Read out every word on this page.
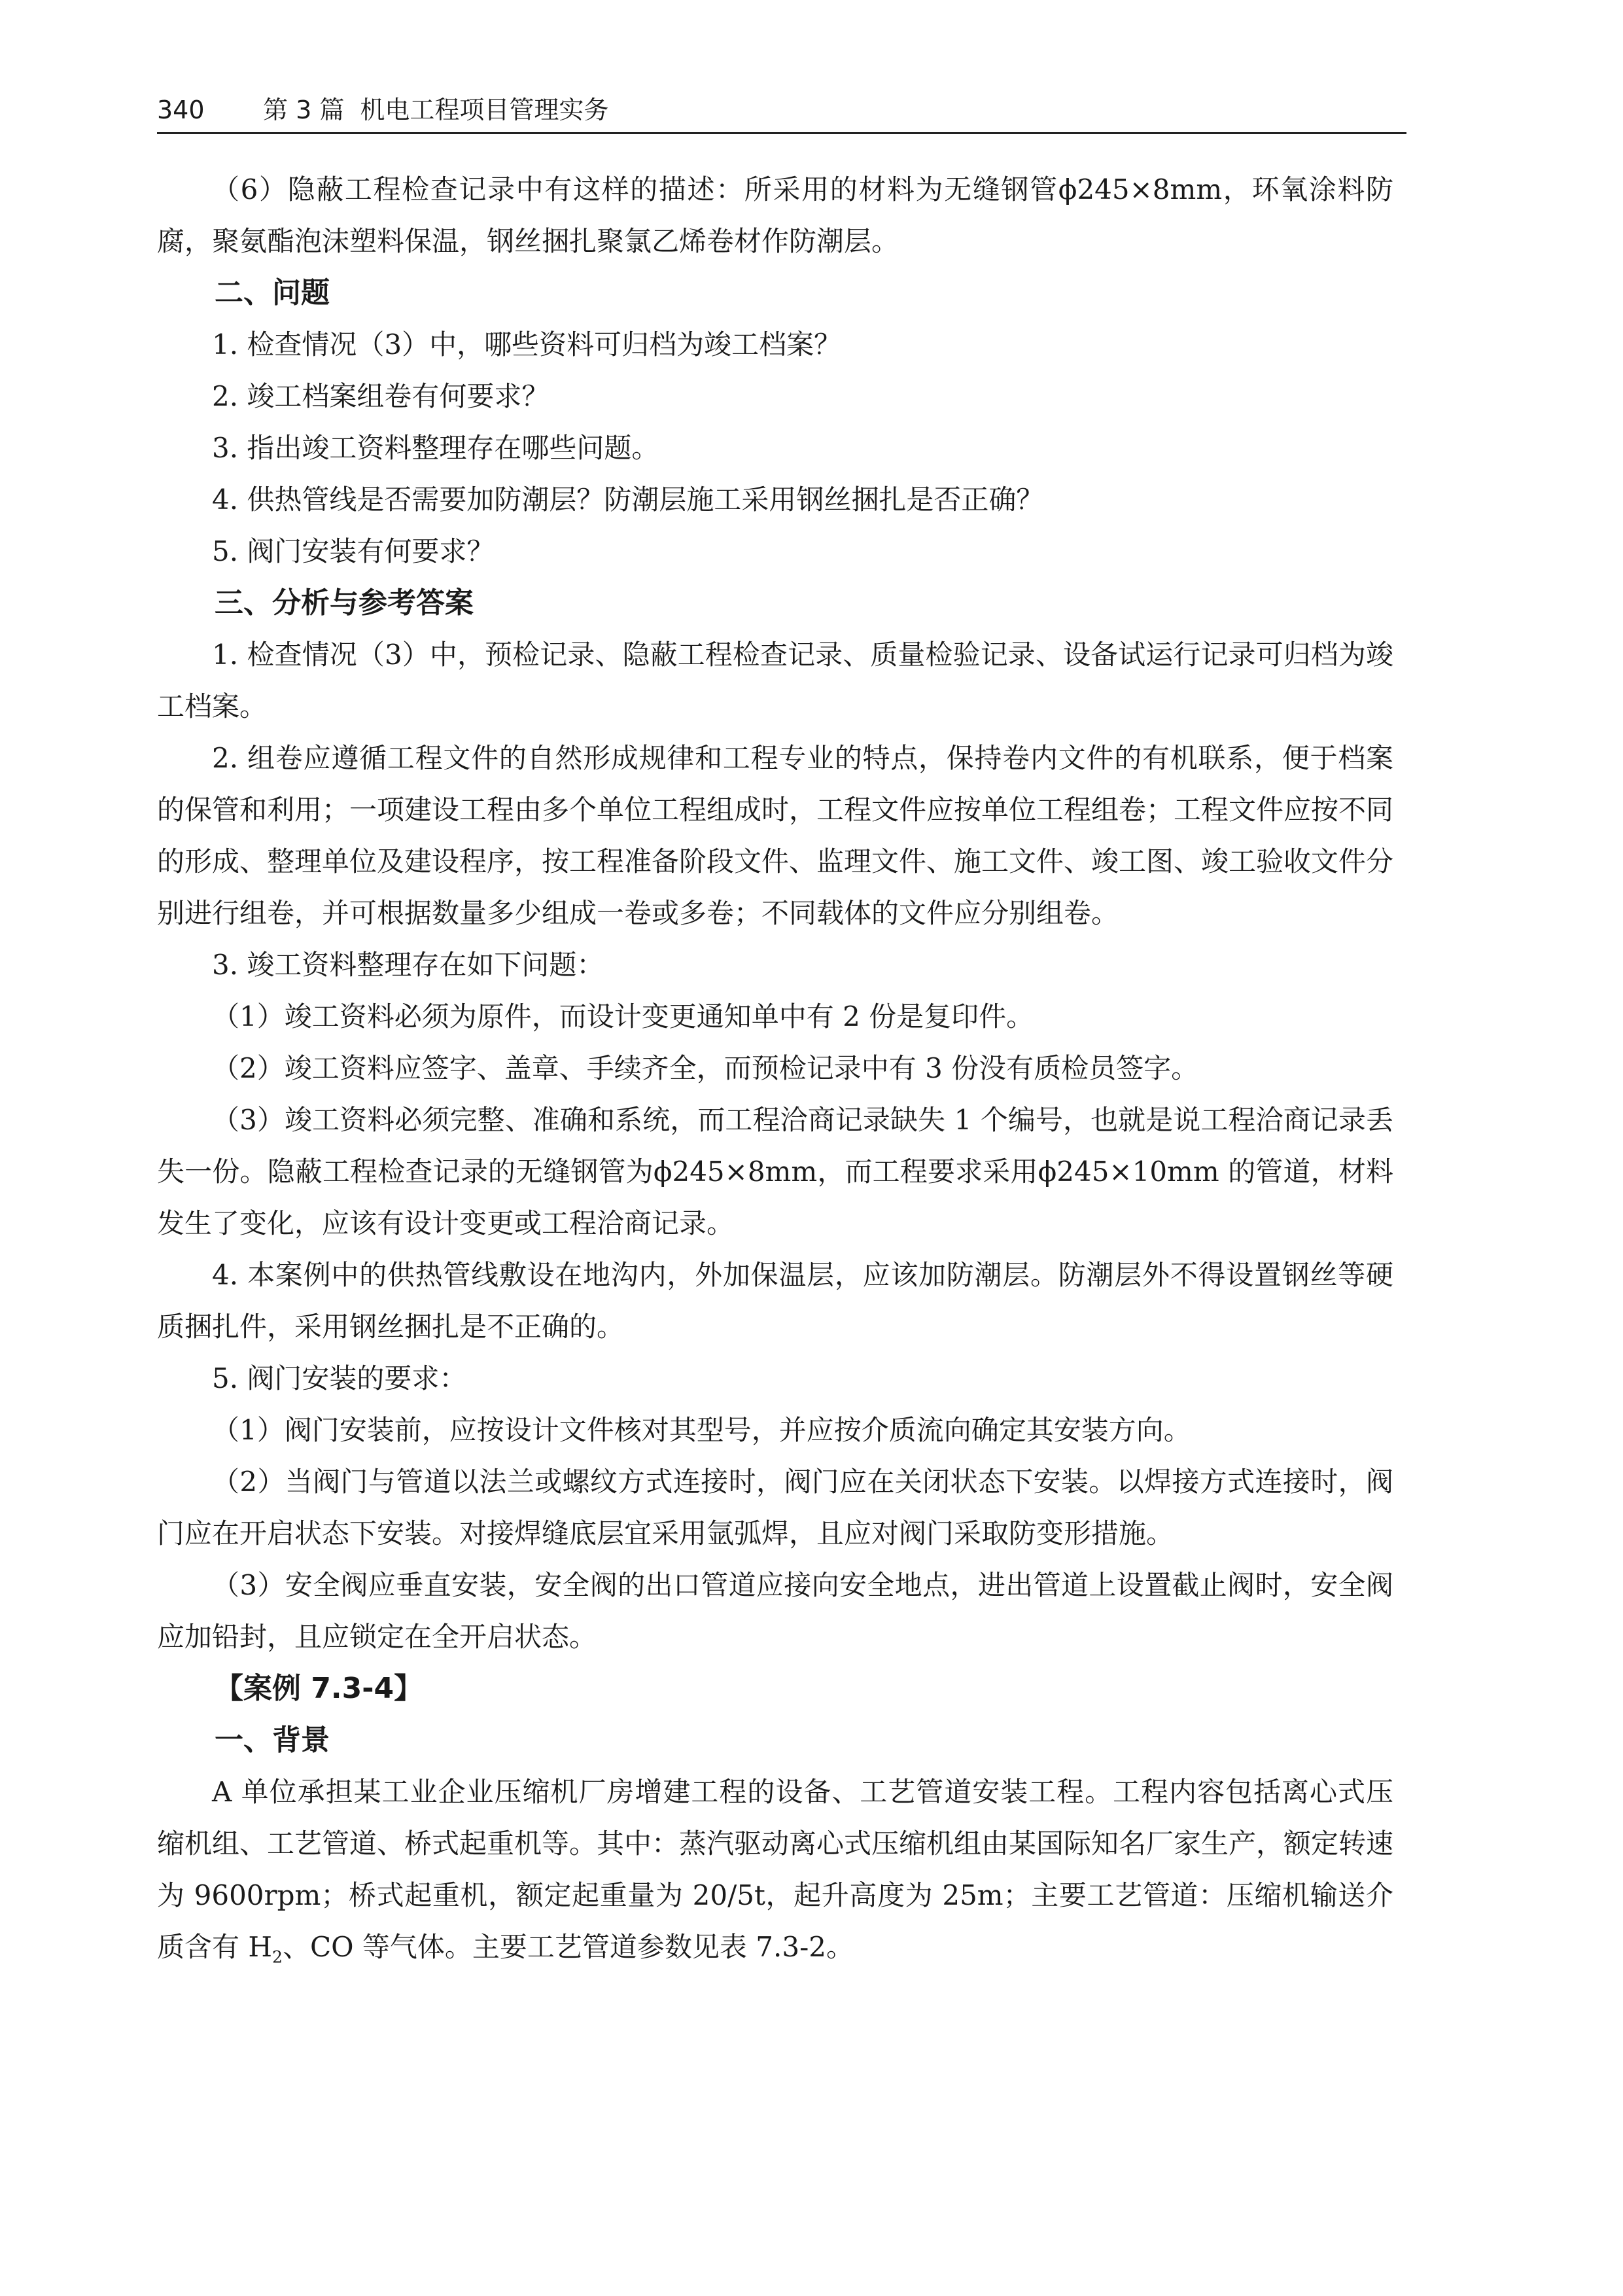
340 第 3 篇 机电工程项目管理实务

（6）隐蔽工程检查记录中有这样的描述：所采用的材料为无缝钢管ϕ245×8mm，环氧涂料防腐，聚氨酯泡沫塑料保温，钢丝捆扎聚氯乙烯卷材作防潮层。

二、问题

1. 检查情况（3）中，哪些资料可归档为竣工档案？

2. 竣工档案组卷有何要求？

3. 指出竣工资料整理存在哪些问题。

4. 供热管线是否需要加防潮层？防潮层施工采用钢丝捆扎是否正确？

5. 阀门安装有何要求？

三、分析与参考答案

1. 检查情况（3）中，预检记录、隐蔽工程检查记录、质量检验记录、设备试运行记录可归档为竣工档案。

2. 组卷应遵循工程文件的自然形成规律和工程专业的特点，保持卷内文件的有机联系，便于档案的保管和利用；一项建设工程由多个单位工程组成时，工程文件应按单位工程组卷；工程文件应按不同的形成、整理单位及建设程序，按工程准备阶段文件、监理文件、施工文件、竣工图、竣工验收文件分别进行组卷，并可根据数量多少组成一卷或多卷；不同载体的文件应分别组卷。

3. 竣工资料整理存在如下问题：

（1）竣工资料必须为原件，而设计变更通知单中有 2 份是复印件。

（2）竣工资料应签字、盖章、手续齐全，而预检记录中有 3 份没有质检员签字。

（3）竣工资料必须完整、准确和系统，而工程洽商记录缺失 1 个编号，也就是说工程洽商记录丢失一份。隐蔽工程检查记录的无缝钢管为ϕ245×8mm，而工程要求采用ϕ245×10mm 的管道，材料发生了变化，应该有设计变更或工程洽商记录。

4. 本案例中的供热管线敷设在地沟内，外加保温层，应该加防潮层。防潮层外不得设置钢丝等硬质捆扎件，采用钢丝捆扎是不正确的。

5. 阀门安装的要求：

（1）阀门安装前，应按设计文件核对其型号，并应按介质流向确定其安装方向。

（2）当阀门与管道以法兰或螺纹方式连接时，阀门应在关闭状态下安装。以焊接方式连接时，阀门应在开启状态下安装。对接焊缝底层宜采用氩弧焊，且应对阀门采取防变形措施。

（3）安全阀应垂直安装，安全阀的出口管道应接向安全地点，进出管道上设置截止阀时，安全阀应加铅封，且应锁定在全开启状态。

【案例 7.3-4】

一、背景

A 单位承担某工业企业压缩机厂房增建工程的设备、工艺管道安装工程。工程内容包括离心式压缩机组、工艺管道、桥式起重机等。其中：蒸汽驱动离心式压缩机组由某国际知名厂家生产，额定转速为 9600rpm；桥式起重机，额定起重量为 20/5t，起升高度为 25m；主要工艺管道：压缩机输送介质含有 $H_2$、CO 等气体。主要工艺管道参数见表 7.3-2。
